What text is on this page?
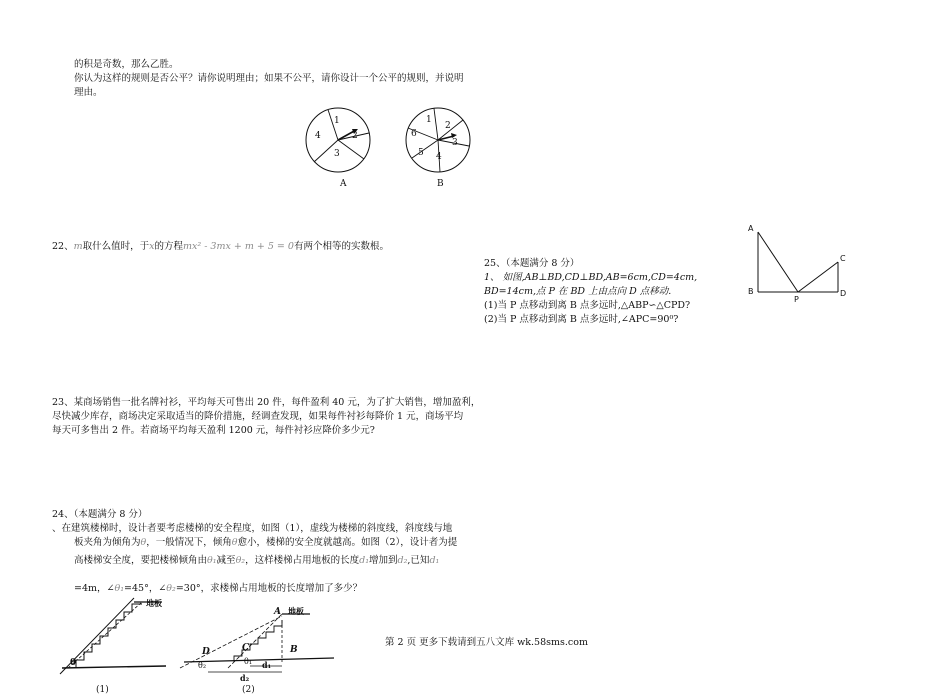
的积是奇数，那么乙胜。
你认为这样的规则是否公平？请你说明理由；如果不公平，请你设计一个公平的规则，并说明
理由。
1
2
3
4
A
1
2
3
4
5
6
B
22、m取什么值时，于x的方程mx² - 3mx + m + 5 = 0有两个相等的实数根。
23、某商场销售一批名牌衬衫，平均每天可售出 20 件，每件盈利 40 元，为了扩大销售，增加盈利，
尽快减少库存，商场决定采取适当的降价措施，经调查发现，如果每件衬衫每降价 1 元，商场平均
每天可多售出 2 件。若商场平均每天盈利 1200 元，每件衬衫应降价多少元?
24、（本题满分 8 分）
、在建筑楼梯时，设计者要考虑楼梯的安全程度，如图（1），虚线为楼梯的斜度线，斜度线与地
板夹角为倾角为θ，一般情况下，倾角θ愈小，楼梯的安全度就越高。如图（2），设计者为提
高楼梯安全度，要把楼梯倾角由θ₁减至θ₂，这样楼梯占用地板的长度d₁增加到d₂,已知d₁
=4m，∠θ₁=45°，∠θ₂=30°，求楼梯占用地板的长度增加了多少？
地板
θ
(1)
地板
A
B
C
D
θ₁
θ₂	d₁
d₂
(2)
25、（本题满分 8 分）
1、 如图,AB⊥BD,CD⊥BD,AB=6cm,CD=4cm,
BD=14cm,点 P 在 BD 上由点向 D 点移动.
(1)当 P 点移动到离 B 点多远时,△ABP∽△CPD?
(2)当 P 点移动到离 B 点多远时,∠APC=90⁰?
A
B
C
D
P
第 2 页 更多下载请到五八文库 wk.58sms.com
